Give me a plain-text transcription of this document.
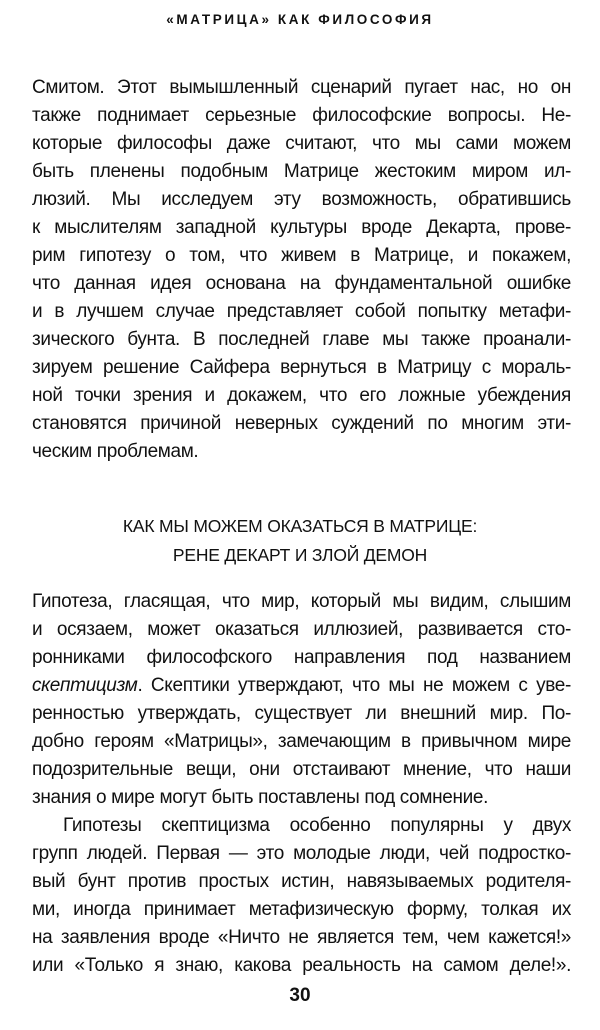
«МАТРИЦА» КАК ФИЛОСОФИЯ
Смитом. Этот вымышленный сценарий пугает нас, но он
также поднимает серьезные философские вопросы. Не-
которые философы даже считают, что мы сами можем
быть пленены подобным Матрице жестоким миром ил-
люзий. Мы исследуем эту возможность, обратившись
к мыслителям западной культуры вроде Декарта, прове-
рим гипотезу о том, что живем в Матрице, и покажем,
что данная идея основана на фундаментальной ошибке
и в лучшем случае представляет собой попытку метафи-
зического бунта. В последней главе мы также проанали-
зируем решение Сайфера вернуться в Матрицу с мораль-
ной точки зрения и докажем, что его ложные убеждения
становятся причиной неверных суждений по многим эти-
ческим проблемам.
КАК МЫ МОЖЕМ ОКАЗАТЬСЯ В МАТРИЦЕ:
РЕНЕ ДЕКАРТ И ЗЛОЙ ДЕМОН
Гипотеза, гласящая, что мир, который мы видим, слышим
и осязаем, может оказаться иллюзией, развивается сто-
ронниками философского направления под названием
скептицизм. Скептики утверждают, что мы не можем с уве-
ренностью утверждать, существует ли внешний мир. По-
добно героям «Матрицы», замечающим в привычном мире
подозрительные вещи, они отстаивают мнение, что наши
знания о мире могут быть поставлены под сомнение.
Гипотезы скептицизма особенно популярны у двух
групп людей. Первая — это молодые люди, чей подростко-
вый бунт против простых истин, навязываемых родителя-
ми, иногда принимает метафизическую форму, толкая их
на заявления вроде «Ничто не является тем, чем кажется!»
или «Только я знаю, какова реальность на самом деле!».
30
